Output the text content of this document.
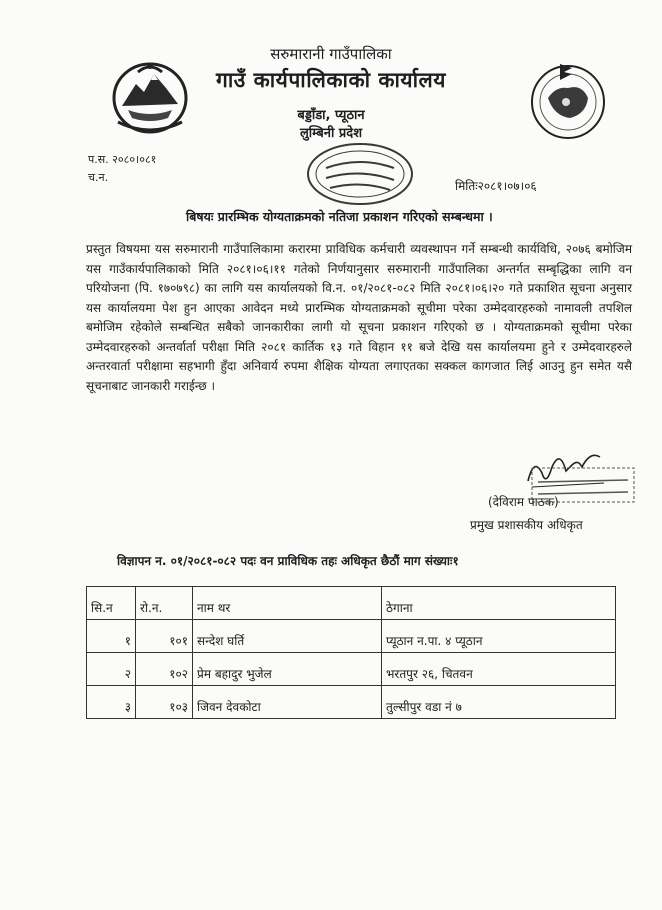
सरुमारानी गाउँपालिका
गाउँ कार्यपालिकाको कार्यालय
बड्डाँडा, प्यूठान
लुम्बिनी प्रदेश
प.स. २०८०।०८१
च.न.
मितिः२०८१।०७।०६
बिषयः प्रारम्भिक योग्यताक्रमको नतिजा प्रकाशन गरिएको सम्बन्धमा ।

प्रस्तुत विषयमा यस सरुमारानी गाउँपालिकामा करारमा प्राविधिक कर्मचारी व्यवस्थापन गर्ने सम्बन्धी कार्यविधि, २०७६ बमोजिम यस गाउँकार्यपालिकाको मिति २०८१।०६।११ गतेको निर्णयानुसार सरुमारानी गाउँपालिका अन्तर्गत सम्बृद्धिका लागि वन परियोजना (पि. १७०७९८) का लागि यस कार्यालयको वि.न. ०१/२०८१-०८२ मिति २०८१।०६।२० गते प्रकाशित सूचना अनुसार यस कार्यालयमा पेश हुन आएका आवेदन मध्ये प्रारम्भिक योग्यताक्रमको सूचीमा परेका उम्मेदवारहरुको नामावली तपशिल बमोजिम रहेकोले सम्बन्धित सबैको जानकारीका लागी यो सूचना प्रकाशन गरिएको छ । योग्यताक्रमको सूचीमा परेका उम्मेदवारहरुको अन्तर्वार्ता परीक्षा मिति २०८१ कार्तिक १३ गते विहान ११ बजे देखि यस कार्यालयमा हुने र उम्मेदवारहरुले अन्तरवार्ता परीक्षामा सहभागी हुँदा अनिवार्य रुपमा शैक्षिक योग्यता लगाएतका सक्कल कागजात लिई आउनु हुन समेत यसै सूचनाबाट जानकारी गराईन्छ ।

(देविराम पाठक)
प्रमुख प्रशासकीय अधिकृत
विज्ञापन न. ०१/२०८१-०८२ पदः वन प्राविधिक तहः अधिकृत छैठौं माग संख्याः१
सि.न	रो.न.	नाम थर	ठेगाना
१	१०१	सन्देश घर्ति	प्यूठान न.पा. ४ प्यूठान
२	१०२	प्रेम बहादुर भुजेल	भरतपुर २६, चितवन
३	१०३	जिवन देवकोटा	तुल्सीपुर वडा नं ७
